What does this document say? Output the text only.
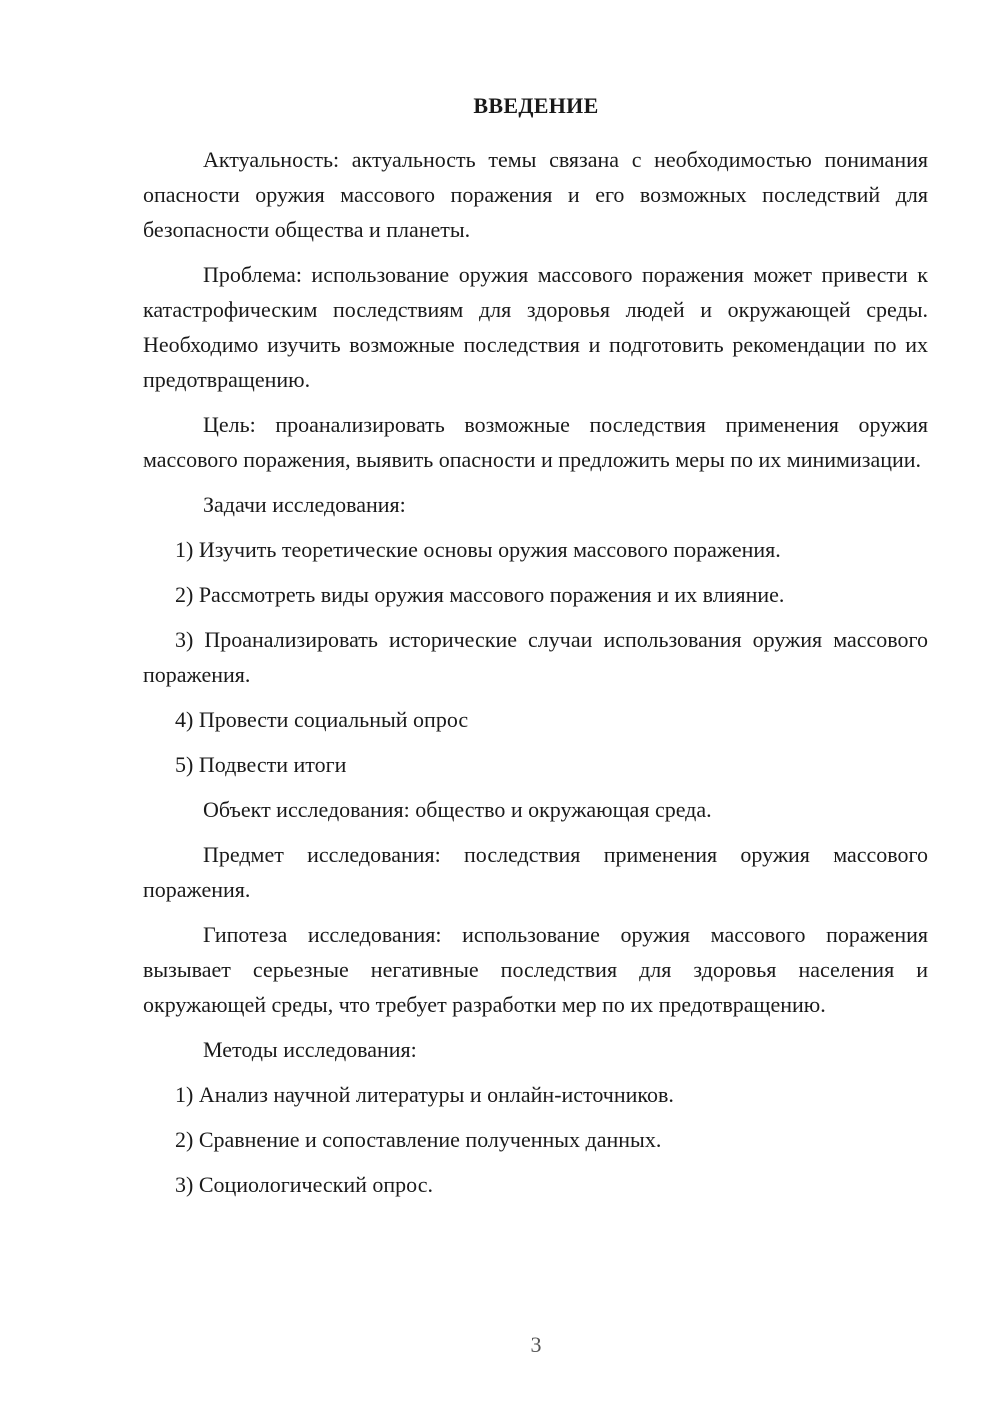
ВВЕДЕНИЕ

Актуальность: актуальность темы связана с необходимостью понимания опасности оружия массового поражения и его возможных последствий для безопасности общества и планеты.

Проблема: использование оружия массового поражения может привести к катастрофическим последствиям для здоровья людей и окружающей среды. Необходимо изучить возможные последствия и подготовить рекомендации по их предотвращению.

Цель: проанализировать возможные последствия применения оружия массового поражения, выявить опасности и предложить меры по их минимизации.

Задачи исследования:

1) Изучить теоретические основы оружия массового поражения.

2) Рассмотреть виды оружия массового поражения и их влияние.

3) Проанализировать исторические случаи использования оружия массового поражения.

4) Провести социальный опрос

5) Подвести итоги

Объект исследования: общество и окружающая среда.

Предмет исследования: последствия применения оружия массового поражения.

Гипотеза исследования: использование оружия массового поражения вызывает серьезные негативные последствия для здоровья населения и окружающей среды, что требует разработки мер по их предотвращению.

Методы исследования:

1) Анализ научной литературы и онлайн-источников.

2) Сравнение и сопоставление полученных данных.

3) Социологический опрос.

3
